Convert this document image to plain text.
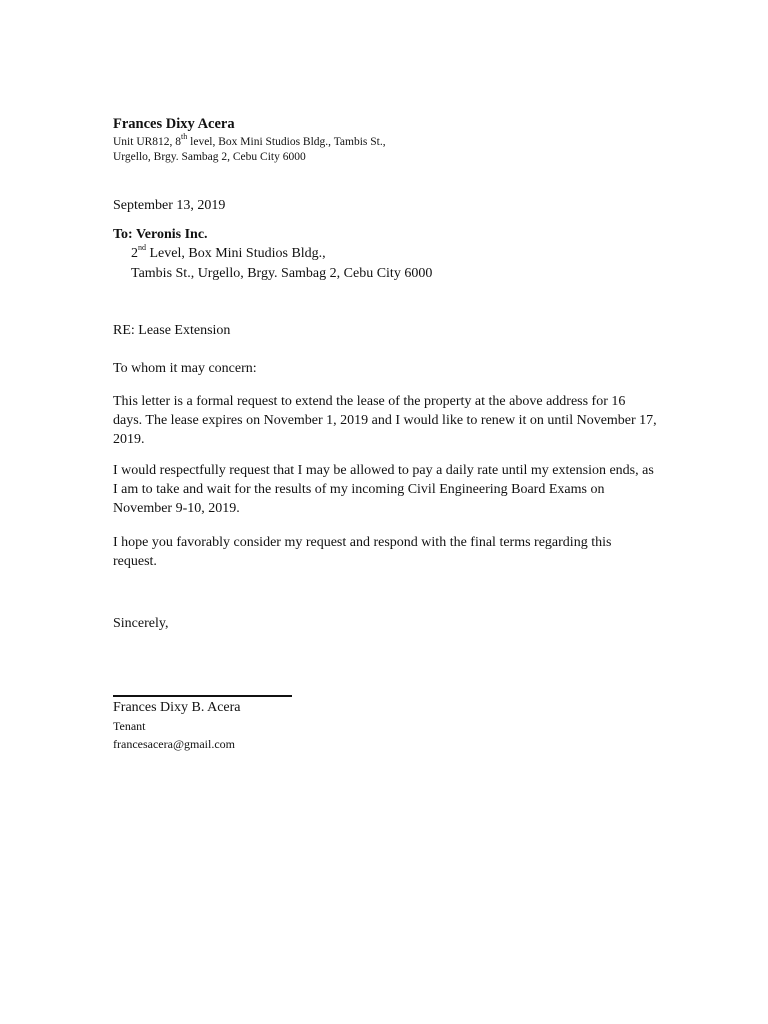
Frances Dixy Acera

Unit UR812, 8th level, Box Mini Studios Bldg., Tambis St.,

Urgello, Brgy. Sambag 2, Cebu City 6000

September 13, 2019

To: Veronis Inc.

2nd Level, Box Mini Studios Bldg.,

Tambis St., Urgello, Brgy. Sambag 2, Cebu City 6000

RE: Lease Extension

To whom it may concern:

This letter is a formal request to extend the lease of the property at the above address for 16 days. The lease expires on November 1, 2019 and I would like to renew it on until November 17, 2019.

I would respectfully request that I may be allowed to pay a daily rate until my extension ends, as I am to take and wait for the results of my incoming Civil Engineering Board Exams on November 9-10, 2019.

I hope you favorably consider my request and respond with the final terms regarding this request.

Sincerely,

Frances Dixy B. Acera

Tenant

francesacera@gmail.com
